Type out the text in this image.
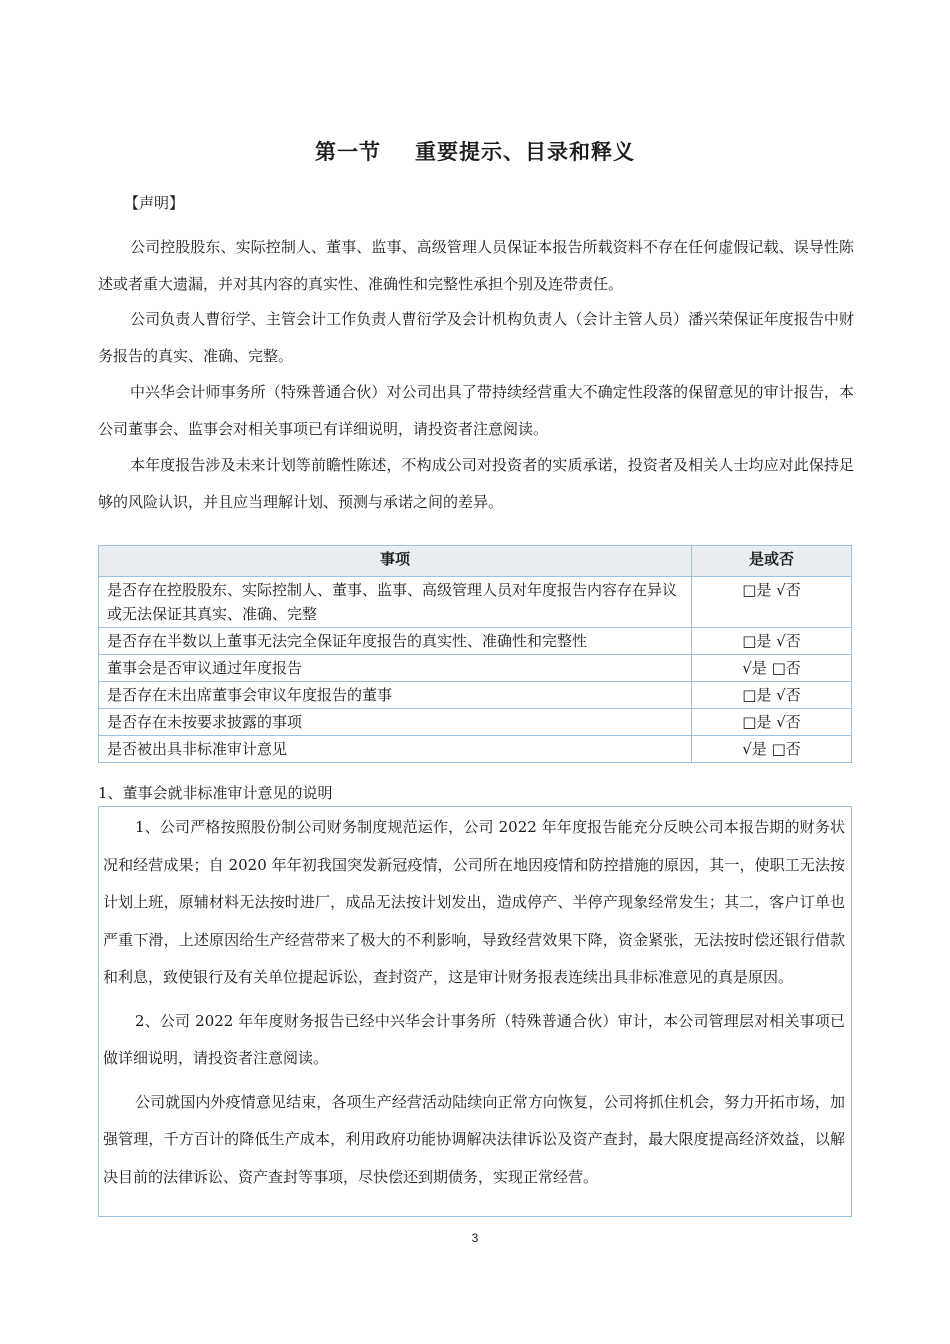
第一节 重要提示、目录和释义
【声明】
公司控股股东、实际控制人、董事、监事、高级管理人员保证本报告所载资料不存在任何虚假记载、误导性陈述或者重大遗漏，并对其内容的真实性、准确性和完整性承担个别及连带责任。
公司负责人曹衍学、主管会计工作负责人曹衍学及会计机构负责人（会计主管人员）潘兴荣保证年度报告中财务报告的真实、准确、完整。
中兴华会计师事务所（特殊普通合伙）对公司出具了带持续经营重大不确定性段落的保留意见的审计报告，本公司董事会、监事会对相关事项已有详细说明，请投资者注意阅读。
本年度报告涉及未来计划等前瞻性陈述，不构成公司对投资者的实质承诺，投资者及相关人士均应对此保持足够的风险认识，并且应当理解计划、预测与承诺之间的差异。
事项	是或否
是否存在控股股东、实际控制人、董事、监事、高级管理人员对年度报告内容存在异议或无法保证其真实、准确、完整	□是 √否
是否存在半数以上董事无法完全保证年度报告的真实性、准确性和完整性	□是 √否
董事会是否审议通过年度报告	√是 □否
是否存在未出席董事会审议年度报告的董事	□是 √否
是否存在未按要求披露的事项	□是 √否
是否被出具非标准审计意见	√是 □否
1、董事会就非标准审计意见的说明

1、公司严格按照股份制公司财务制度规范运作，公司 2022 年年度报告能充分反映公司本报告期的财务状况和经营成果；自 2020 年年初我国突发新冠疫情，公司所在地因疫情和防控措施的原因，其一，使职工无法按计划上班，原辅材料无法按时进厂，成品无法按计划发出，造成停产、半停产现象经常发生；其二，客户订单也严重下滑，上述原因给生产经营带来了极大的不利影响，导致经营效果下降，资金紧张，无法按时偿还银行借款和利息，致使银行及有关单位提起诉讼，查封资产，这是审计财务报表连续出具非标准意见的真是原因。

2、公司 2022 年年度财务报告已经中兴华会计事务所（特殊普通合伙）审计，本公司管理层对相关事项已做详细说明，请投资者注意阅读。

公司就国内外疫情意见结束，各项生产经营活动陆续向正常方向恢复，公司将抓住机会，努力开拓市场，加强管理，千方百计的降低生产成本，利用政府功能协调解决法律诉讼及资产查封，最大限度提高经济效益，以解决目前的法律诉讼、资产查封等事项，尽快偿还到期债务，实现正常经营。

3
